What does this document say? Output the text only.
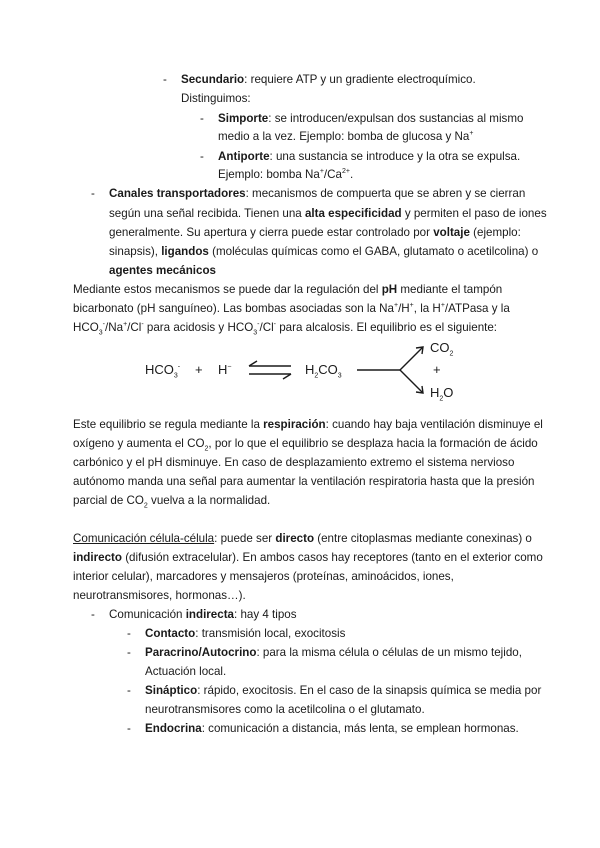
- Secundario: requiere ATP y un gradiente electroquímico.
Distinguimos:
- Simporte: se introducen/expulsan dos sustancias al mismo
medio a la vez. Ejemplo: bomba de glucosa y Na+
- Antiporte: una sustancia se introduce y la otra se expulsa.
Ejemplo: bomba $Na^+/Ca^{2+}$.
- Canales transportadores: mecanismos de compuerta que se abren y se cierran
según una señal recibida. Tienen una alta especificidad y permiten el paso de iones
generalmente. Su apertura y cierra puede estar controlado por voltaje (ejemplo:
sinapsis), ligandos (moléculas químicas como el GABA, glutamato o acetilcolina) o
agentes mecánicos
Mediante estos mecanismos se puede dar la regulación del pH mediante el tampón
bicarbonato (pH sanguíneo). Las bombas asociadas son la Na+/H+, la H+/ATPasa y la
$HCO_3^-/Na^+/Cl^-$ para acidosis y $HCO_3^-/Cl^-$ para alcalosis. El equilibrio es el siguiente:
$HCO_3^- + H^-$ ⇌ $H_2CO_3$
$CO_2$
+
$H_2O$
Este equilibrio se regula mediante la respiración: cuando hay baja ventilación disminuye el
oxígeno y aumenta el $CO_2$, por lo que el equilibrio se desplaza hacia la formación de ácido
carbónico y el pH disminuye. En caso de desplazamiento extremo el sistema nervioso
autónomo manda una señal para aumentar la ventilación respiratoria hasta que la presión
parcial de $CO_2$ vuelva a la normalidad.
Comunicación célula-célula: puede ser directo (entre citoplasmas mediante conexinas) o
indirecto (difusión extracelular). En ambos casos hay receptores (tanto en el exterior como
interior celular), marcadores y mensajeros (proteínas, aminoácidos, iones,
neurotransmisores, hormonas…).
- Comunicación indirecta: hay 4 tipos
- Contacto: transmisión local, exocitosis
- Paracrino/Autocrino: para la misma célula o células de un mismo tejido,
Actuación local.
- Sináptico: rápido, exocitosis. En el caso de la sinapsis química se media por
neurotransmisores como la acetilcolina o el glutamato.
- Endocrina: comunicación a distancia, más lenta, se emplean hormonas.
